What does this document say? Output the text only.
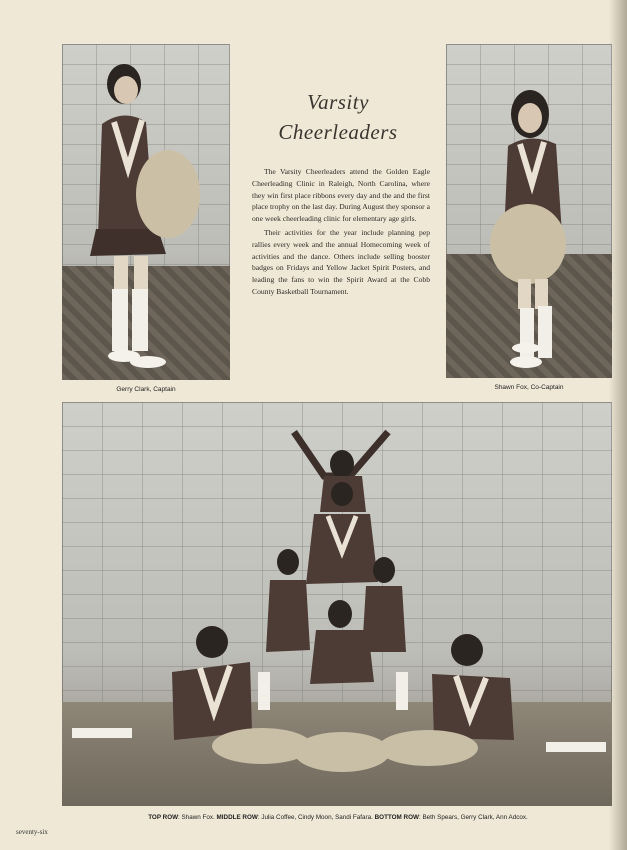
Gerry Clark, Captain	Shawn Fox, Co-Captain
Varsity
Cheerleaders

The Varsity Cheerleaders attend the Golden Eagle Cheerleading Clinic in Raleigh, North Carolina, where they win first place ribbons every day and the and the first place trophy on the last day. During August they sponsor a one week cheerleading clinic for elementary age girls.

Their activities for the year include planning pep rallies every week and the annual Homecoming week of activities and the dance. Others include selling booster badges on Fridays and Yellow Jacket Spirit Posters, and leading the fans to win the Spirit Award at the Cobb County Basketball Tournament.

TOP ROW: Shawn Fox. MIDDLE ROW: Julia Coffee, Cindy Moon, Sandi Fafara. BOTTOM ROW: Beth Spears, Gerry Clark, Ann Adcox.
seventy-six
